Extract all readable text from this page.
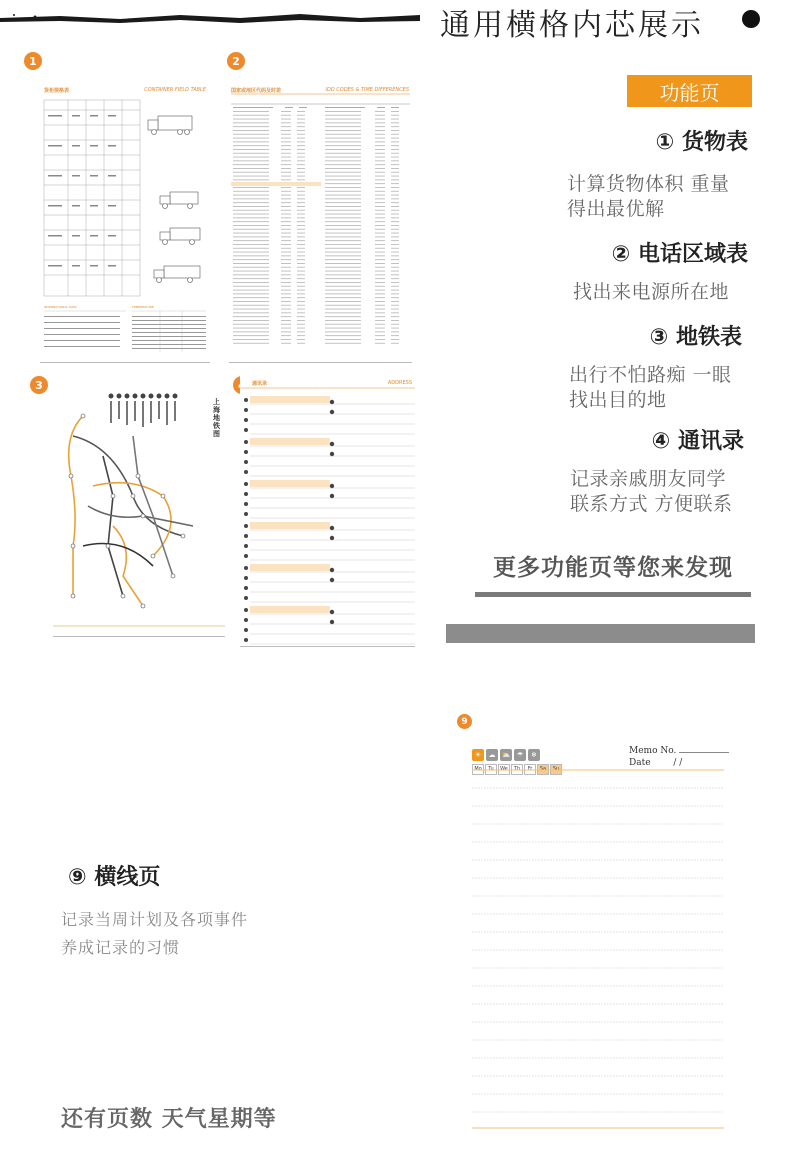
通用横格内芯展示
1
货柜规格表	CONTAINER FIELD TABLE
INTERNATIONAL DATA	TEMPERATURE
2
国家或地区代码及时差	IDD CODES & TIME DIFFERENCES
3
上海地铁图
通讯录	ADDRESS
功能页
① 货物表
计算货物体积 重量
得出最优解
② 电话区域表
找出来电源所在地
③ 地铁表
出行不怕路痴 一眼
找出目的地
④ 通讯录
记录亲戚朋友同学
联系方式 方便联系
更多功能页等您来发现
⑨ 横线页
记录当周计划及各项事件
养成记录的习惯
还有页数 天气星期等
9
☀ ☁ ⛅ ☂ ❄
Mo Tu We Th Fr Sa Su
Memo No.
Date	/ /
